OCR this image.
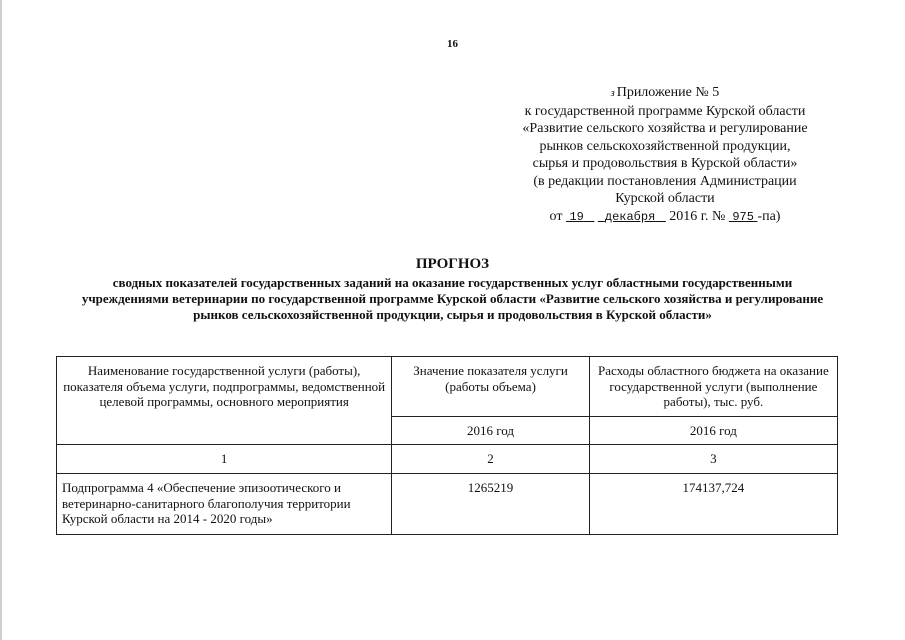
16
з Приложение № 5
к государственной программе Курской области
«Развитие сельского хозяйства и регулирование
рынков сельскохозяйственной продукции,
сырья и продовольствия в Курской области»
(в редакции постановления Администрации
Курской области
от 19 декабря 2016 г. № 975 -па)
ПРОГНОЗ
сводных показателей государственных заданий на оказание государственных услуг областными государственными учреждениями ветеринарии по государственной программе Курской области «Развитие сельского хозяйства и регулирование рынков сельскохозяйственной продукции, сырья и продовольствия в Курской области»
Наименование государственной услуги (работы), показателя объема услуги, подпрограммы, ведомственной целевой программы, основного мероприятия	Значение показателя услуги (работы объема)	Расходы областного бюджета на оказание государственной услуги (выполнение работы), тыс. руб.
	2016 год	2016 год
1	2	3
Подпрограмма 4 «Обеспечение эпизоотического и ветеринарно-санитарного благополучия территории Курской области на 2014 - 2020 годы»	1265219	174137,724
